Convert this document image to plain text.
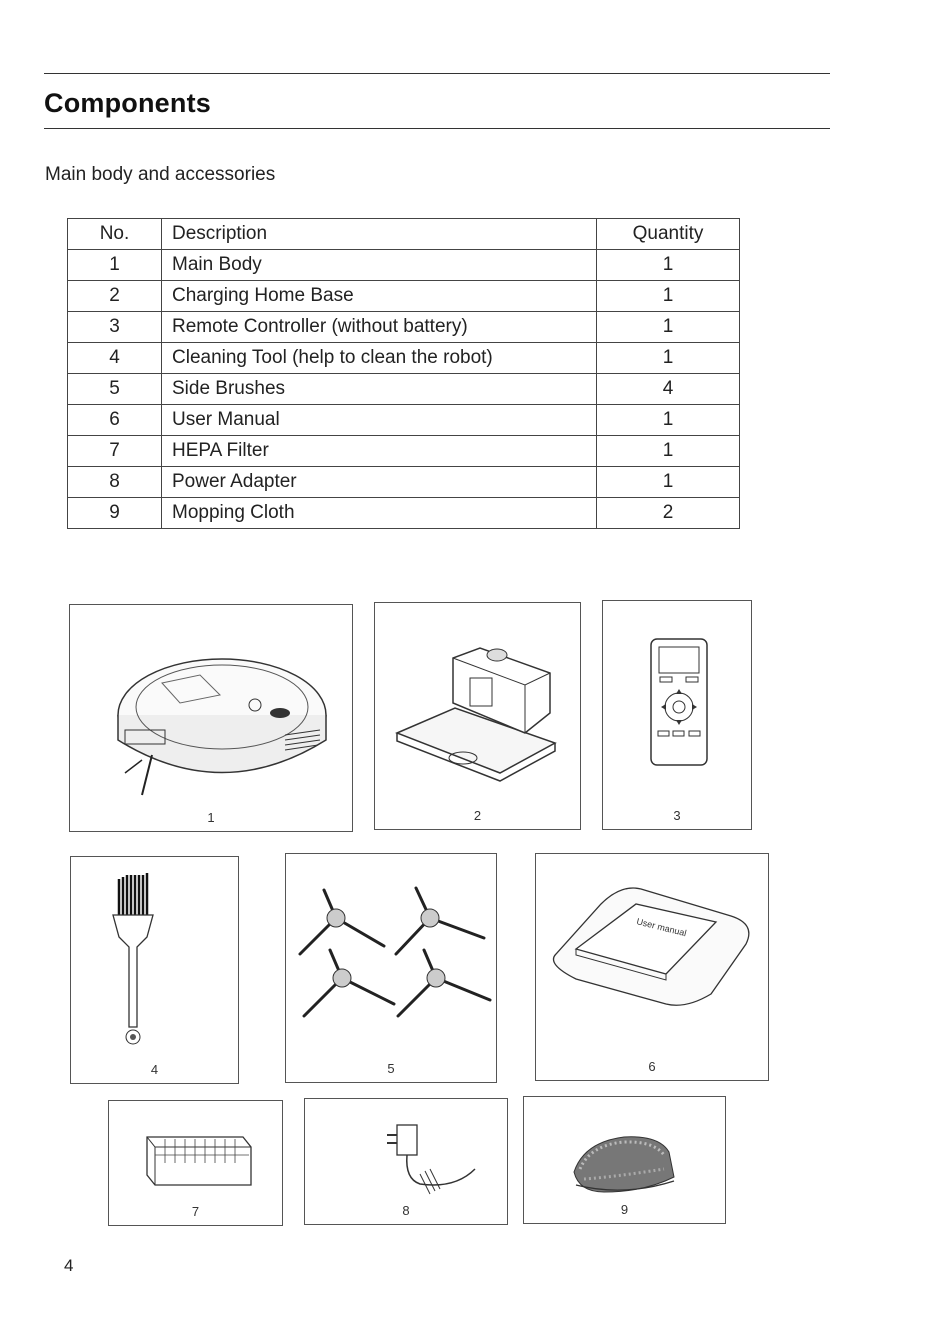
Components
Main body and accessories
No.	Description	Quantity
1	Main Body	1
2	Charging Home Base	1
3	Remote Controller (without battery)	1
4	Cleaning Tool (help to clean the robot)	1
5	Side Brushes	4
6	User Manual	1
7	HEPA Filter	1
8	Power Adapter	1
9	Mopping Cloth	2
1	2	3
4	5
User manual
6
7	8	9
4
